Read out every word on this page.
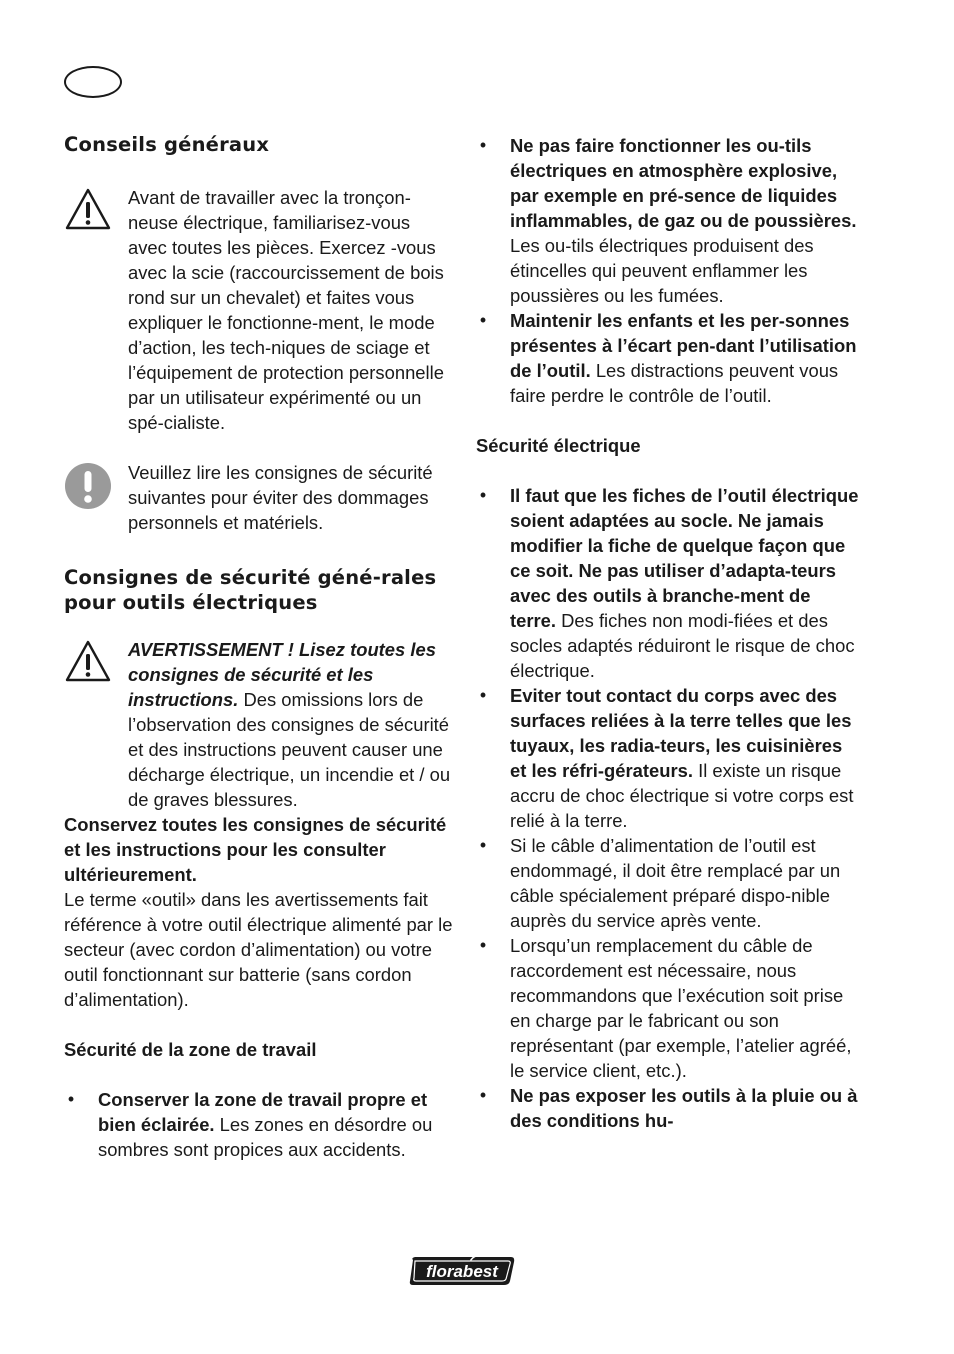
Conseils généraux
Avant de travailler avec la tronçon-neuse électrique, familiarisez-vous avec toutes les pièces. Exercez -vous avec la scie (raccourcissement de bois rond sur un chevalet) et faites vous expliquer le fonctionne-ment, le mode d’action, les tech-niques de sciage et l’équipement de protection personnelle par un utilisateur expérimenté ou un spé-cialiste.
Veuillez lire les consignes de sécurité suivantes pour éviter des dommages personnels et matériels.
Consignes de sécurité géné-rales pour outils électriques
AVERTISSEMENT ! Lisez toutes les consignes de sécurité et les instructions. Des omissions lors de l’observation des consignes de sécurité et des instructions peuvent causer une décharge électrique, un incendie et / ou de graves blessures.
Conservez toutes les consignes de sécurité et les instructions pour les consulter ultérieurement.
Le terme «outil» dans les avertissements fait référence à votre outil électrique alimenté par le secteur (avec cordon d’alimentation) ou votre outil fonctionnant sur batterie (sans cordon d’alimentation).
Sécurité de la zone de travail
• Conserver la zone de travail propre et bien éclairée. Les zones en désordre ou sombres sont propices aux accidents.
• Ne pas faire fonctionner les ou-tils électriques en atmosphère explosive, par exemple en pré-sence de liquides inflammables, de gaz ou de poussières. Les ou-tils électriques produisent des étincelles qui peuvent enflammer les poussières ou les fumées.
• Maintenir les enfants et les per-sonnes présentes à l’écart pen-dant l’utilisation de l’outil. Les distractions peuvent vous faire perdre le contrôle de l’outil.
Sécurité électrique
• Il faut que les fiches de l’outil électrique soient adaptées au socle. Ne jamais modifier la fiche de quelque façon que ce soit. Ne pas utiliser d’adapta-teurs avec des outils à branche-ment de terre. Des fiches non modi-fiées et des socles adaptés réduiront le risque de choc électrique.
• Eviter tout contact du corps avec des surfaces reliées à la terre telles que les tuyaux, les radia-teurs, les cuisinières et les réfri-gérateurs. Il existe un risque accru de choc électrique si votre corps est relié à la terre.
• Si le câble d’alimentation de l’outil est endommagé, il doit être remplacé par un câble spécialement préparé dispo-nible auprès du service après vente.
• Lorsqu’un remplacement du câble de raccordement est nécessaire, nous recommandons que l’exécution soit prise en charge par le fabricant ou son représentant (par exemple, l’atelier agréé, le service client, etc.).
• Ne pas exposer les outils à la pluie ou à des conditions hu-
florabest
